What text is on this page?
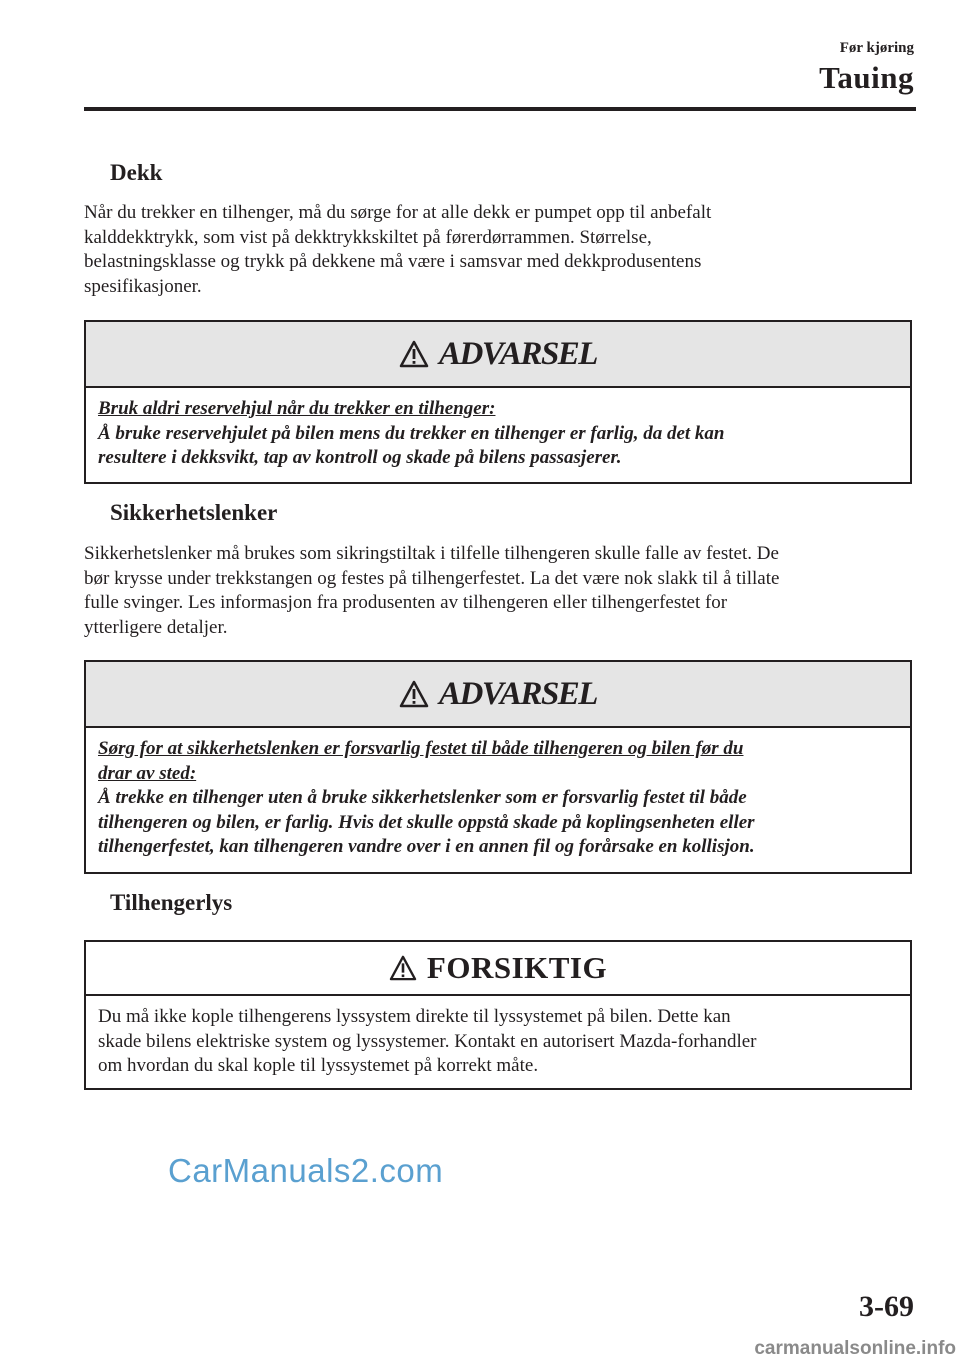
Før kjøring
Tauing
Dekk
Når du trekker en tilhenger, må du sørge for at alle dekk er pumpet opp til anbefalt
kalddekktrykk, som vist på dekktrykkskiltet på førerdørrammen. Størrelse,
belastningsklasse og trykk på dekkene må være i samsvar med dekkprodusentens
spesifikasjoner.
ADVARSEL
Bruk aldri reservehjul når du trekker en tilhenger:
Å bruke reservehjulet på bilen mens du trekker en tilhenger er farlig, da det kan
resultere i dekksvikt, tap av kontroll og skade på bilens passasjerer.
Sikkerhetslenker
Sikkerhetslenker må brukes som sikringstiltak i tilfelle tilhengeren skulle falle av festet. De
bør krysse under trekkstangen og festes på tilhengerfestet. La det være nok slakk til å tillate
fulle svinger. Les informasjon fra produsenten av tilhengeren eller tilhengerfestet for
ytterligere detaljer.
ADVARSEL
Sørg for at sikkerhetslenken er forsvarlig festet til både tilhengeren og bilen før du
drar av sted:
Å trekke en tilhenger uten å bruke sikkerhetslenker som er forsvarlig festet til både
tilhengeren og bilen, er farlig. Hvis det skulle oppstå skade på koplingsenheten eller
tilhengerfestet, kan tilhengeren vandre over i en annen fil og forårsake en kollisjon.
Tilhengerlys
FORSIKTIG
Du må ikke kople tilhengerens lyssystem direkte til lyssystemet på bilen. Dette kan
skade bilens elektriske system og lyssystemer. Kontakt en autorisert Mazda-forhandler
om hvordan du skal kople til lyssystemet på korrekt måte.
CarManuals2.com
3-69
carmanualsonline.info
